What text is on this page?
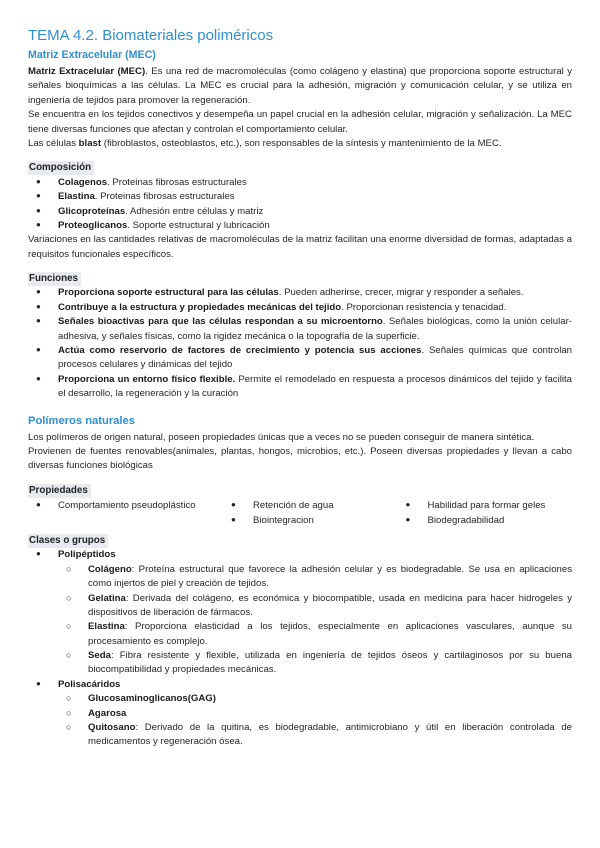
TEMA 4.2. Biomateriales poliméricos
Matriz Extracelular (MEC)

Matriz Extracelular (MEC). Es una red de macromoléculas (como colágeno y elastina) que proporciona soporte estructural y señales bioquímicas a las células. La MEC es crucial para la adhesión, migración y comunicación celular, y se utiliza en ingeniería de tejidos para promover la regeneración.

Se encuentra en los tejidos conectivos y desempeña un papel crucial en la adhesión celular, migración y señalización. La MEC tiene diversas funciones que afectan y controlan el comportamiento celular.

Las células blast (fibroblastos, osteoblastos, etc.), son responsables de la síntesis y mantenimiento de la MEC.

Composición
● Colagenos. Proteinas fibrosas estructurales
● Elastina. Proteinas fibrosas estructurales
● Glicoproteínas. Adhesión entre células y matriz
● Proteoglicanos. Soporte estructural y lubricación

Variaciones en las cantidades relativas de macromoléculas de la matriz facilitan una enorme diversidad de formas, adaptadas a requisitos funcionales específicos.

Funciones

● Proporciona soporte estructural para las células. Pueden adherirse, crecer, migrar y responder a señales.

● Contribuye a la estructura y propiedades mecánicas del tejido. Proporcionan resistencia y tenacidad.

● Señales bioactivas para que las células respondan a su microentorno. Señales biológicas, como la unión celular-adhesiva, y señales físicas, como la rigidez mecánica o la topografía de la superficie.

● Actúa como reservorio de factores de crecimiento y potencia sus acciones. Señales químicas que controlan procesos celulares y dinámicas del tejido

● Proporciona un entorno físico flexible. Permite el remodelado en respuesta a procesos dinámicos del tejido y facilita el desarrollo, la regeneración y la curación

Polímeros naturales

Los polímeros de origen natural, poseen propiedades únicas que a veces no se pueden conseguir de manera sintética.

Provienen de fuentes renovables(animales, plantas, hongos, microbios, etc.). Poseen diversas propiedades y llevan a cabo diversas funciones biológicas

Propiedades
● Comportamiento pseudoplástico
●	Retención de agua
● Biointegracion
● Habilidad para formar geles
● Biodegradabilidad
Clases o grupos
● Polipéptidos

○ Colágeno: Proteína estructural que favorece la adhesión celular y es biodegradable. Se usa en aplicaciones como injertos de piel y creación de tejidos.

○ Gelatina: Derivada del colágeno, es económica y biocompatible, usada en medicina para hacer hidrogeles y dispositivos de liberación de fármacos.

○ Elastina: Proporciona elasticidad a los tejidos, especialmente en aplicaciones vasculares, aunque su procesamiento es complejo.

○ Seda: Fibra resistente y flexible, utilizada en ingeniería de tejidos óseos y cartilaginosos por su buena biocompatibilidad y propiedades mecánicas.

● Polisacáridos

○ Glucosaminoglicanos(GAG)

○ Agarosa

○ Quitosano: Derivado de la quitina, es biodegradable, antimicrobiano y útil en liberación controlada de medicamentos y regeneración ósea.
